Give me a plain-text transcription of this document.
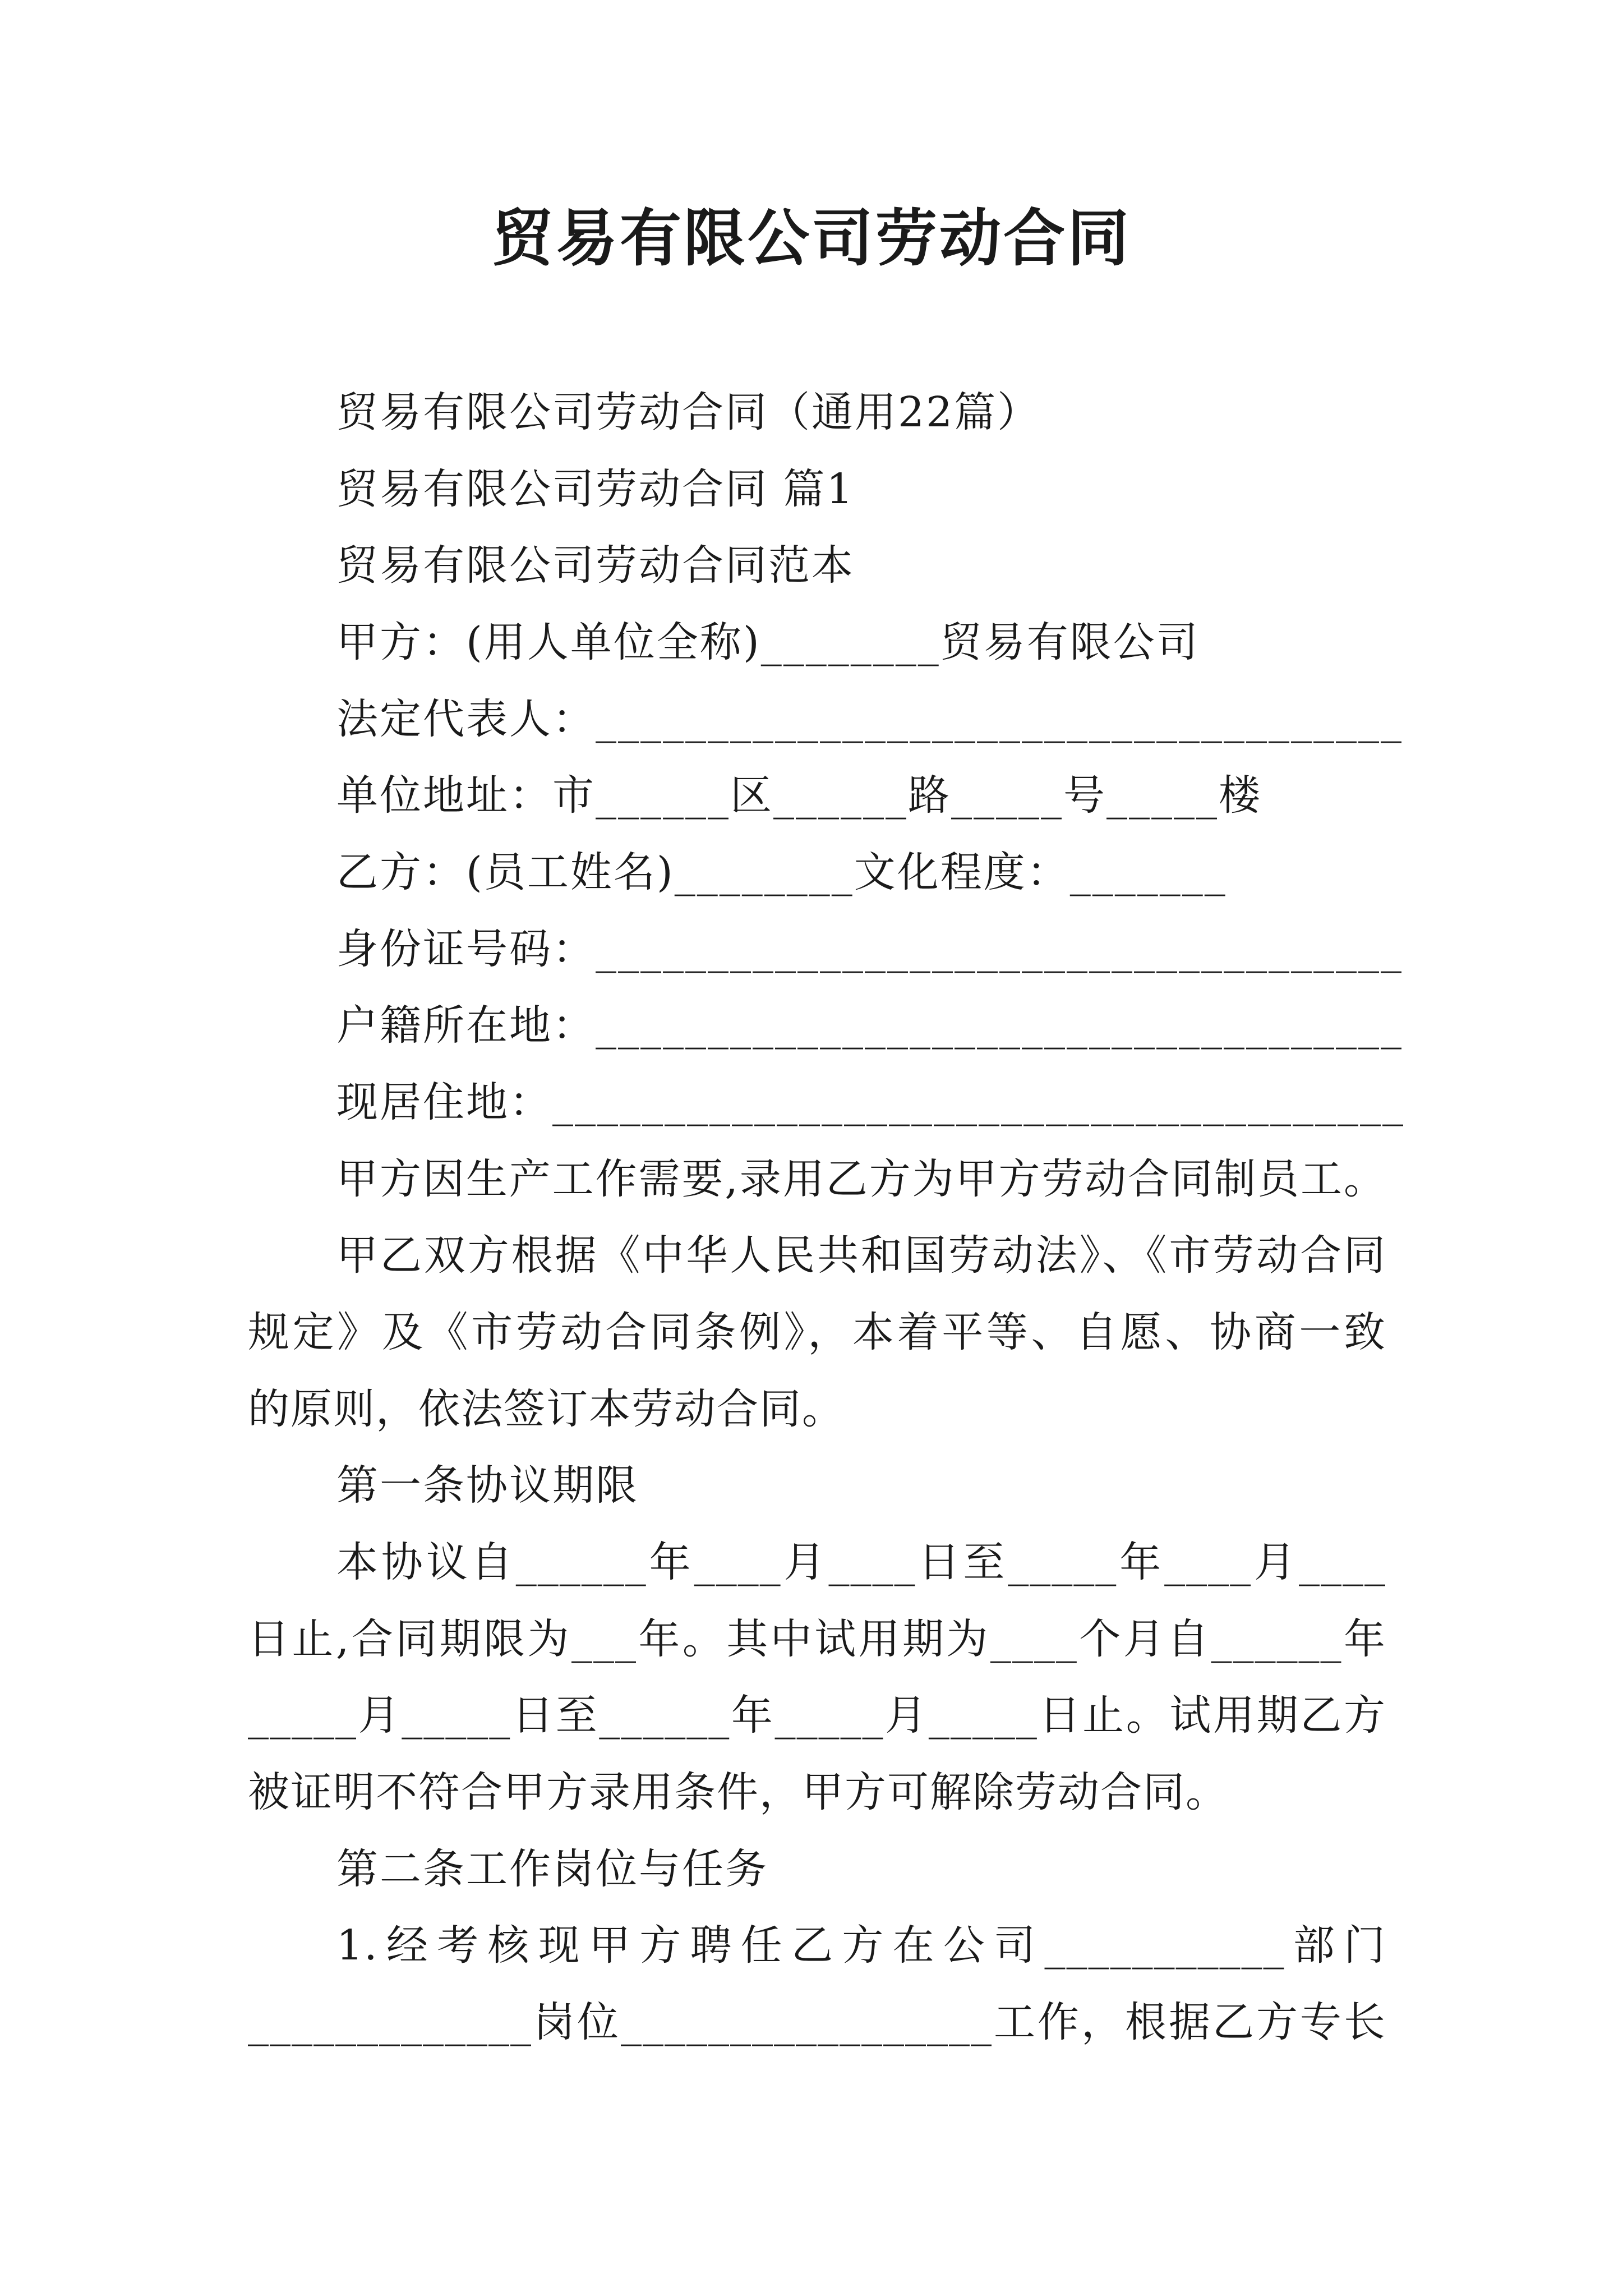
贸易有限公司劳动合同
贸易有限公司劳动合同（通用22篇）
贸易有限公司劳动合同 篇1
贸易有限公司劳动合同范本
甲方：(用人单位全称)________贸易有限公司
法定代表人：____________________________________
单位地址：市______区______路_____号_____楼
乙方：(员工姓名)________文化程度：_______
身份证号码：____________________________________
户籍所在地：____________________________________
现居住地：______________________________________
甲方因生产工作需要,录用乙方为甲方劳动合同制员工。
甲乙双方根据《中华人民共和国劳动法》、《市劳动合同
规定》及《市劳动合同条例》，本着平等、自愿、协商一致
的原则，依法签订本劳动合同。
第一条协议期限
本协议自______年____月____日至_____年____月____
日止,合同期限为___年。其中试用期为____个月自______年
_____月_____日至______年_____月_____日止。试用期乙方
被证明不符合甲方录用条件，甲方可解除劳动合同。
第二条工作岗位与任务
1.经考核现甲方聘任乙方在公司___________部门
_____________岗位_________________工作，根据乙方专长
